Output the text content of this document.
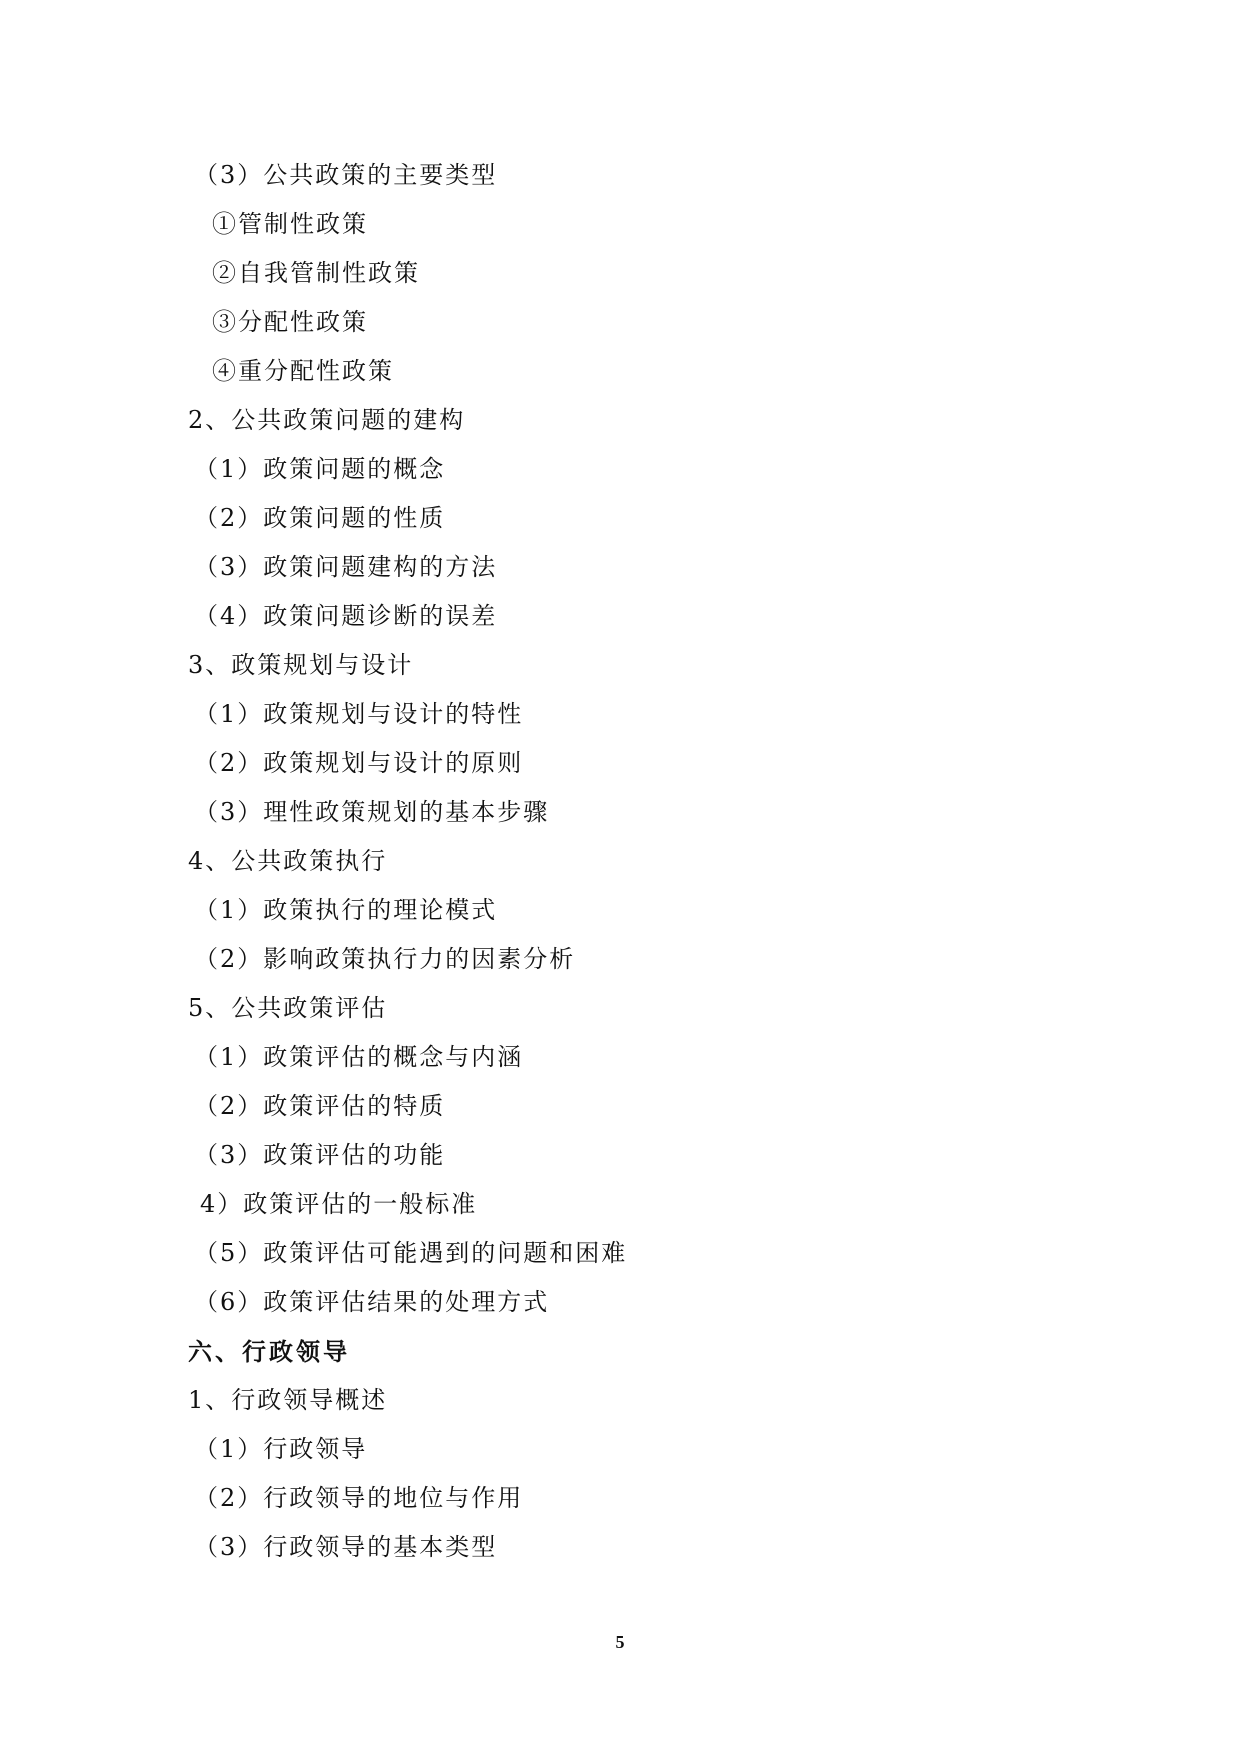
（3）公共政策的主要类型
①管制性政策
②自我管制性政策
③分配性政策
④重分配性政策
2、公共政策问题的建构
（1）政策问题的概念
（2）政策问题的性质
（3）政策问题建构的方法
（4）政策问题诊断的误差
3、政策规划与设计
（1）政策规划与设计的特性
（2）政策规划与设计的原则
（3）理性政策规划的基本步骤
4、公共政策执行
（1）政策执行的理论模式
（2）影响政策执行力的因素分析
5、公共政策评估
（1）政策评估的概念与内涵
（2）政策评估的特质
（3）政策评估的功能
4）政策评估的一般标准
（5）政策评估可能遇到的问题和困难
（6）政策评估结果的处理方式
六、行政领导
1、行政领导概述
（1）行政领导
（2）行政领导的地位与作用
（3）行政领导的基本类型
5
